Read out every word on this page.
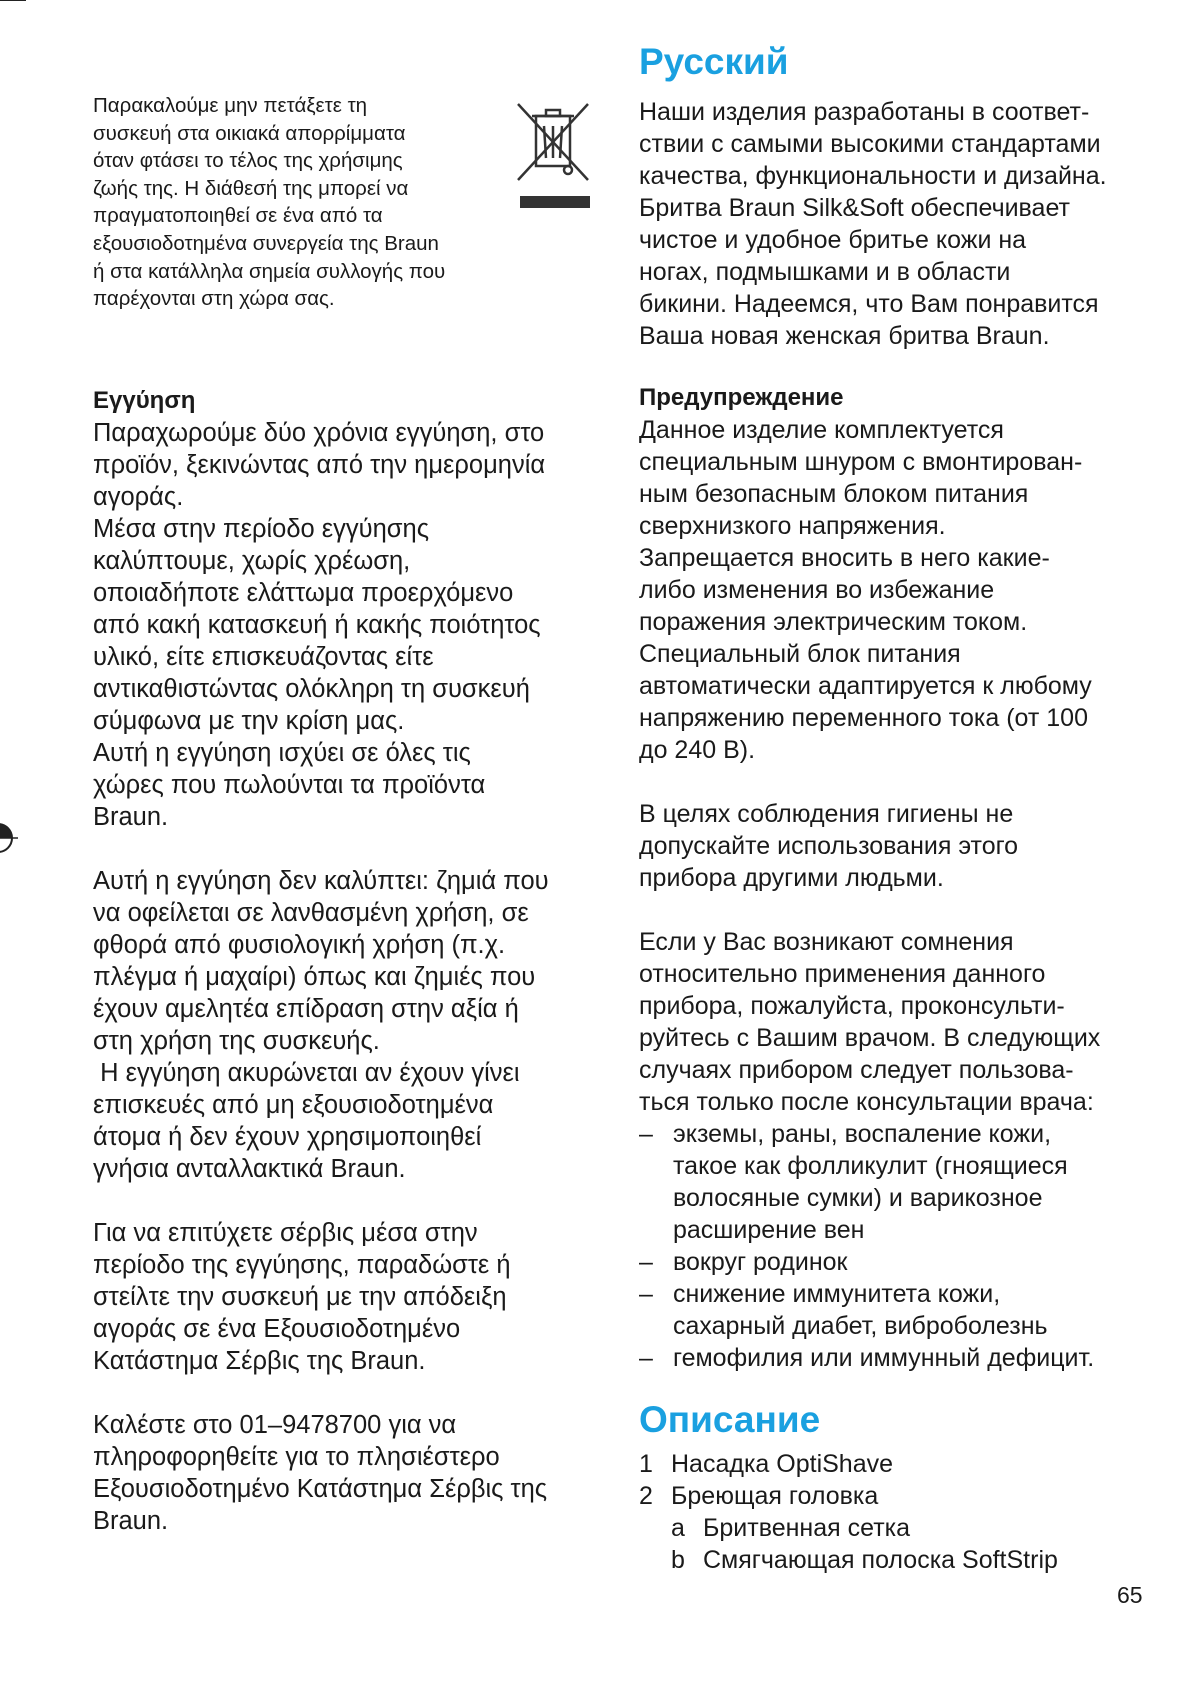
Παρακαλούμε μην πετάξετε τη
συσκευή στα οικιακά απορρίμματα
όταν φτάσει το τέλος της χρήσιμης
ζωής της. Η διάθεσή της μπορεί να
πραγματοποιηθεί σε ένα από τα
εξουσιοδοτημένα συνεργεία της Braun
ή στα κατάλληλα σημεία συλλογής που
παρέχονται στη χώρα σας.

Εγγύηση

Παραχωρούμε δύο χρόνια εγγύηση, στο
προϊόν, ξεκινώντας από την ημερομηνία
αγοράς.
Μέσα στην περίοδο εγγύησης
καλύπτουμε, χωρίς χρέωση,
οποιαδήποτε ελάττωμα προερχόμενο
από κακή κατασκευή ή κακής ποιότητος
υλικό, είτε επισκευάζοντας είτε
αντικαθιστώντας ολόκληρη τη συσκευή
σύμφωνα με την κρίση μας.
Αυτή η εγγύηση ισχύει σε όλες τις
χώρες που πωλούνται τα προϊόντα
Braun.

Αυτή η εγγύηση δεν καλύπτει: ζημιά που
να οφείλεται σε λανθασμένη χρήση, σε
φθορά από φυσιολογική χρήση (π.χ.
πλέγμα ή μαχαίρι) όπως και ζημιές που
έχουν αμελητέα επίδραση στην αξία ή
στη χρήση της συσκευής.
Η εγγύηση ακυρώνεται αν έχουν γίνει
επισκευές από μη εξουσιοδοτημένα
άτομα ή δεν έχουν χρησιμοποιηθεί
γνήσια ανταλλακτικά Braun.

Για να επιτύχετε σέρβις μέσα στην
περίοδο της εγγύησης, παραδώστε ή
στείλτε την συσκευή με την απόδειξη
αγοράς σε ένα Εξουσιοδοτημένο
Κατάστημα Σέρβις της Braun.

Καλέστε στο 01–9478700 για να
πληροφορηθείτε για το πλησιέστερο
Εξουσιοδοτημένο Κατάστημα Σέρβις της
Braun.

Русский

Наши изделия разработаны в соответ-
ствии с самыми высокими стандартами
качества, функциональности и дизайна.
Бритва Braun Silk&Soft обеспечивает
чистое и удобное бритье кожи на
ногах, подмышками и в области
бикини. Надеемся, что Вам понравится
Ваша новая женская бритва Braun.

Предупреждение

Данное изделие комплектуется
специальным шнуром с вмонтирован-
ным безопасным блоком питания
сверхнизкого напряжения.
Запрещается вносить в него какие-
либо изменения во избежание
поражения электрическим током.
Специальный блок питания
автоматически адаптируется к любому
напряжению переменного тока (от 100
до 240 В).

В целях соблюдения гигиены не
допускайте использования этого
прибора другими людьми.

Если у Вас возникают сомнения
относительно применения данного
прибора, пожалуйста, проконсульти-
руйтесь с Вашим врачом. В следующих
случаях прибором следует пользова-
ться только после консультации врача:

– экземы, раны, воспаление кожи,
такое как фолликулит (гноящиеся
волосяные сумки) и варикозное
расширение вен
– вокруг родинок
– снижение иммунитета кожи,
сахарный диабет, виброболезнь
– гемофилия или иммунный дефицит.

Описание

1 Насадка OptiShave
2 Бреющая головка
a Бритвенная сетка
b Смягчающая полоска SoftStrip
65
